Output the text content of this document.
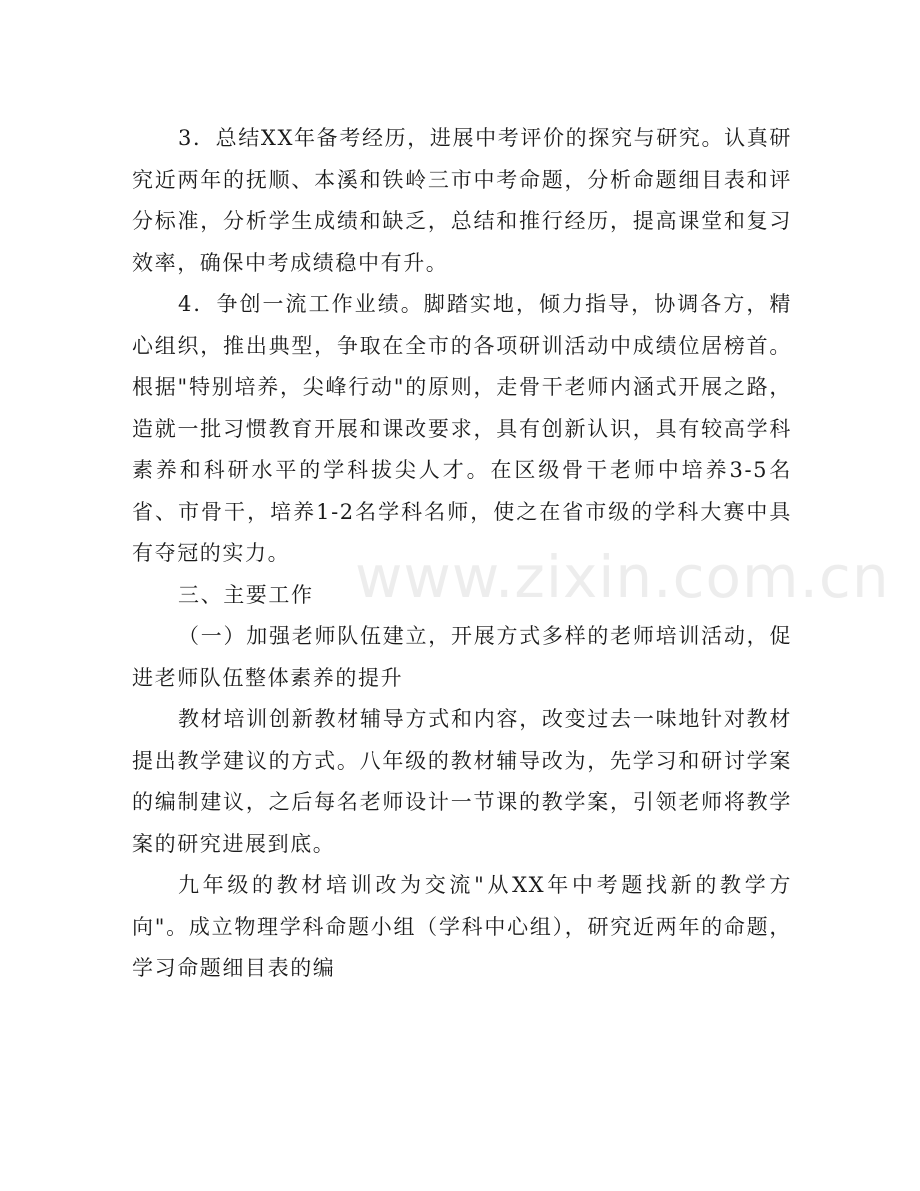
3．总结XX年备考经历，进展中考评价的探究与研究。认真研究近两年的抚顺、本溪和铁岭三市中考命题，分析命题细目表和评分标准，分析学生成绩和缺乏，总结和推行经历，提高课堂和复习效率，确保中考成绩稳中有升。

4．争创一流工作业绩。脚踏实地，倾力指导，协调各方，精心组织，推出典型，争取在全市的各项研训活动中成绩位居榜首。根据"特别培养，尖峰行动"的原则，走骨干老师内涵式开展之路，造就一批习惯教育开展和课改要求，具有创新认识，具有较高学科素养和科研水平的学科拔尖人才。在区级骨干老师中培养3-5名省、市骨干，培养1-2名学科名师，使之在省市级的学科大赛中具有夺冠的实力。

三、主要工作

（一）加强老师队伍建立，开展方式多样的老师培训活动，促进老师队伍整体素养的提升

教材培训创新教材辅导方式和内容，改变过去一味地针对教材提出教学建议的方式。八年级的教材辅导改为，先学习和研讨学案的编制建议，之后每名老师设计一节课的教学案，引领老师将教学案的研究进展到底。

九年级的教材培训改为交流"从XX年中考题找新的教学方向"。成立物理学科命题小组（学科中心组），研究近两年的命题，学习命题细目表的编

www.zixin.com.cn
